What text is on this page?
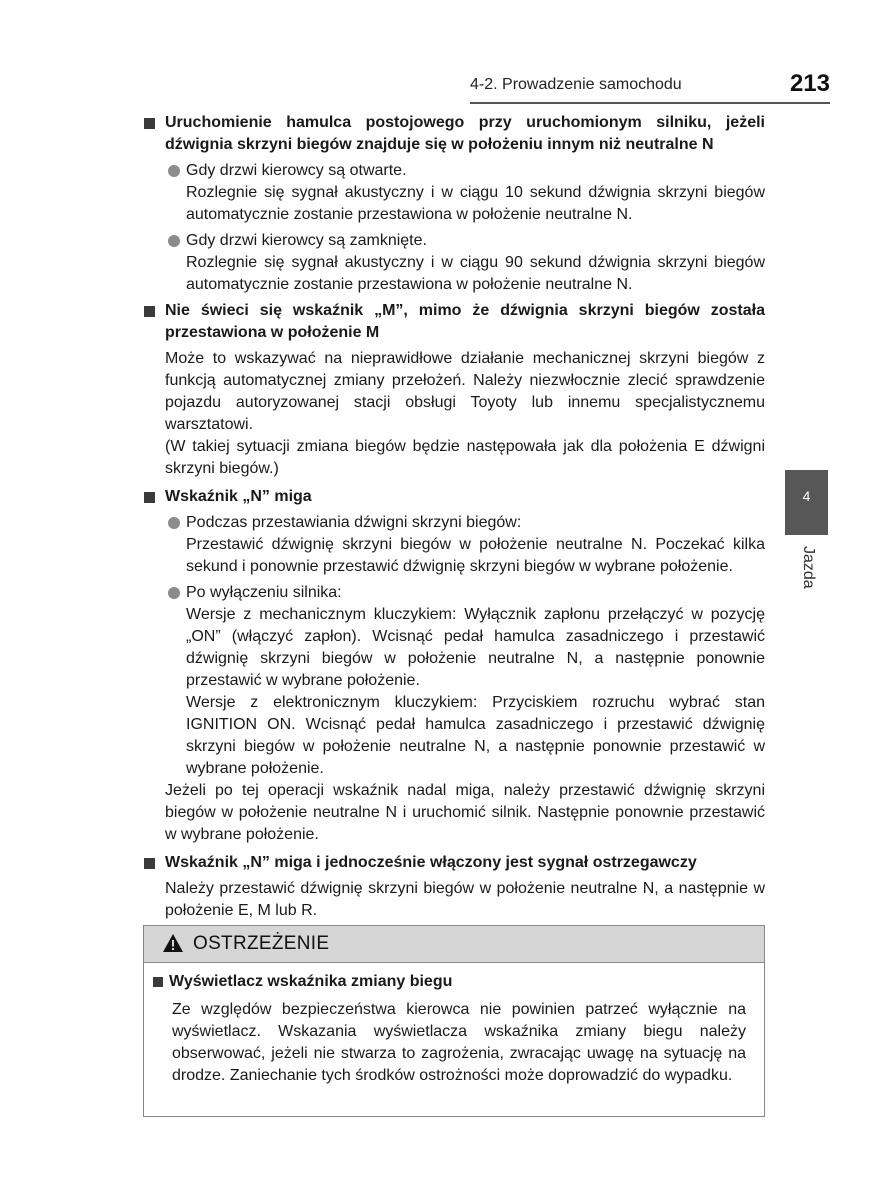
4-2. Prowadzenie samochodu	213
4
Jazda
Uruchomienie hamulca postojowego przy uruchomionym silniku, jeżeli dźwignia skrzyni biegów znajduje się w położeniu innym niż neutralne N
Gdy drzwi kierowcy są otwarte.
Rozlegnie się sygnał akustyczny i w ciągu 10 sekund dźwignia skrzyni biegów automatycznie zostanie przestawiona w położenie neutralne N.
Gdy drzwi kierowcy są zamknięte.
Rozlegnie się sygnał akustyczny i w ciągu 90 sekund dźwignia skrzyni biegów automatycznie zostanie przestawiona w położenie neutralne N.
Nie świeci się wskaźnik „M”, mimo że dźwignia skrzyni biegów została przestawiona w położenie M
Może to wskazywać na nieprawidłowe działanie mechanicznej skrzyni biegów z funkcją automatycznej zmiany przełożeń. Należy niezwłocznie zlecić sprawdzenie pojazdu autoryzowanej stacji obsługi Toyoty lub innemu specjalistycznemu warsztatowi.
(W takiej sytuacji zmiana biegów będzie następowała jak dla położenia E dźwigni skrzyni biegów.)
Wskaźnik „N” miga
Podczas przestawiania dźwigni skrzyni biegów:
Przestawić dźwignię skrzyni biegów w położenie neutralne N. Poczekać kilka sekund i ponownie przestawić dźwignię skrzyni biegów w wybrane położenie.
Po wyłączeniu silnika:
Wersje z mechanicznym kluczykiem: Wyłącznik zapłonu przełączyć w pozycję „ON” (włączyć zapłon). Wcisnąć pedał hamulca zasadniczego i przestawić dźwignię skrzyni biegów w położenie neutralne N, a następnie ponownie przestawić w wybrane położenie.
Wersje z elektronicznym kluczykiem: Przyciskiem rozruchu wybrać stan IGNITION ON. Wcisnąć pedał hamulca zasadniczego i przestawić dźwignię skrzyni biegów w położenie neutralne N, a następnie ponownie przestawić w wybrane położenie.
Jeżeli po tej operacji wskaźnik nadal miga, należy przestawić dźwignię skrzyni biegów w położenie neutralne N i uruchomić silnik. Następnie ponownie przestawić w wybrane położenie.
Wskaźnik „N” miga i jednocześnie włączony jest sygnał ostrzegawczy
Należy przestawić dźwignię skrzyni biegów w położenie neutralne N, a następnie w położenie E, M lub R.
OSTRZEŻENIE
Wyświetlacz wskaźnika zmiany biegu
Ze względów bezpieczeństwa kierowca nie powinien patrzeć wyłącznie na wyświetlacz. Wskazania wyświetlacza wskaźnika zmiany biegu należy obserwować, jeżeli nie stwarza to zagrożenia, zwracając uwagę na sytuację na drodze. Zaniechanie tych środków ostrożności może doprowadzić do wypadku.
